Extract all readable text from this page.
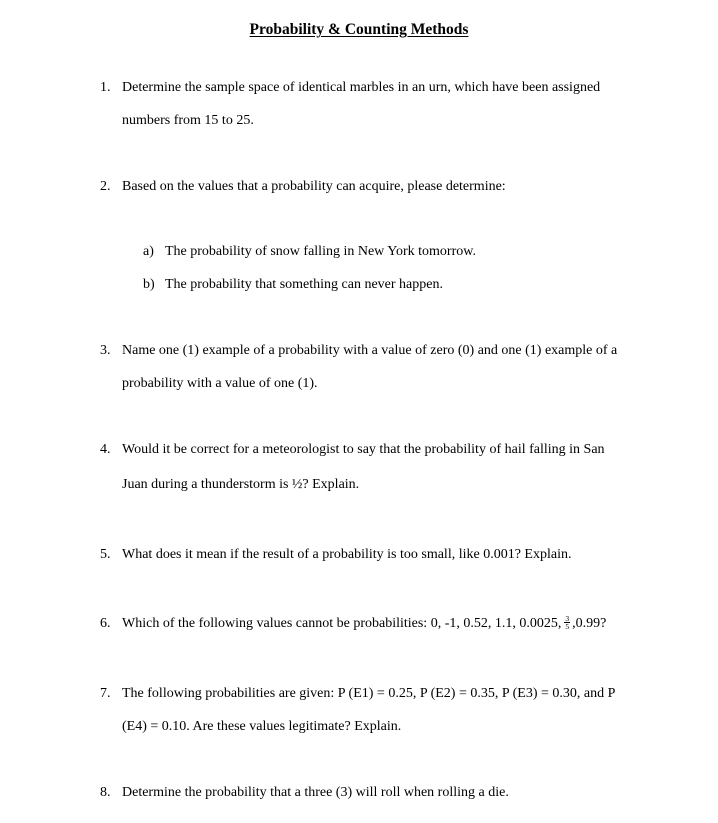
Probability & Counting Methods
1. Determine the sample space of identical marbles in an urn, which have been assigned
numbers from 15 to 25.
2. Based on the values that a probability can acquire, please determine:
a) The probability of snow falling in New York tomorrow.
b) The probability that something can never happen.
3. Name one (1) example of a probability with a value of zero (0) and one (1) example of a
probability with a value of one (1).
4. Would it be correct for a meteorologist to say that the probability of hail falling in San
Juan during a thunderstorm is ½? Explain.
5. What does it mean if the result of a probability is too small, like 0.001? Explain.
6. Which of the following values cannot be probabilities: 0, -1, 0.52, 1.1, 0.0025, $\frac{3}{5} ,0.99$?
7. The following probabilities are given: P (E1) = 0.25, P (E2) = 0.35, P (E3) = 0.30, and P
(E4) = 0.10. Are these values legitimate? Explain.
8. Determine the probability that a three (3) will roll when rolling a die.
